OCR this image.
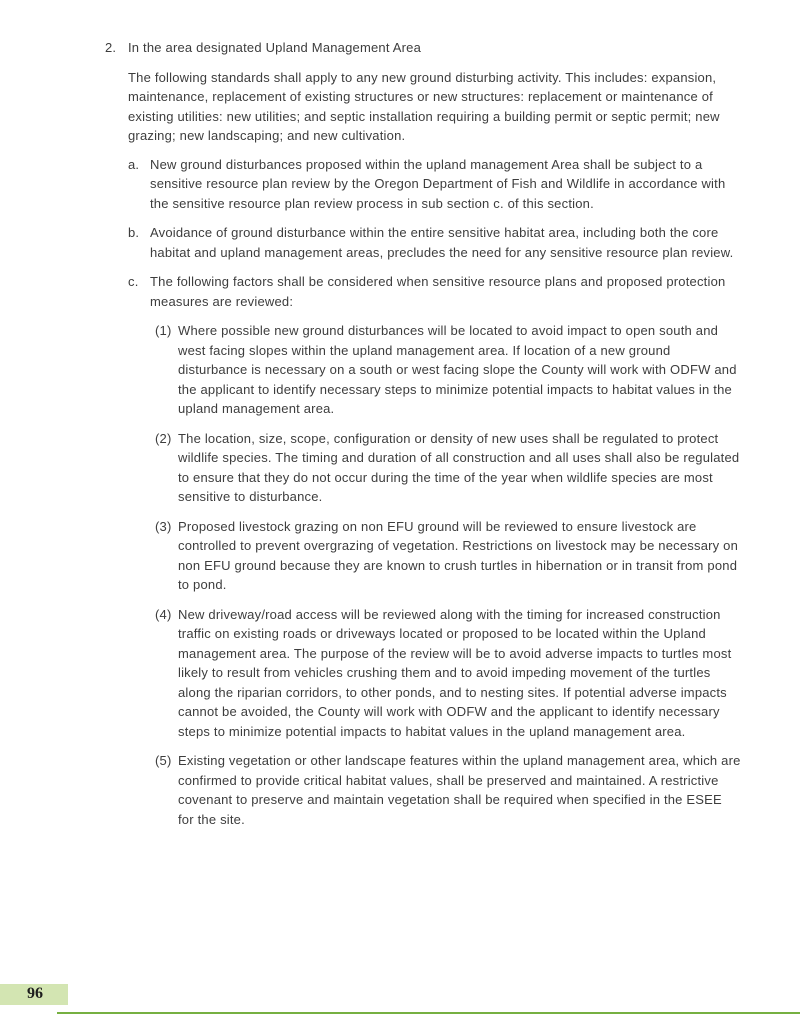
2. In the area designated Upland Management Area

The following standards shall apply to any new ground disturbing activity. This includes: expansion, maintenance, replacement of existing structures or new structures: replacement or maintenance of existing utilities: new utilities; and septic installation requiring a building permit or septic permit; new grazing; new landscaping; and new cultivation.

a. New ground disturbances proposed within the upland management Area shall be subject to a sensitive resource plan review by the Oregon Department of Fish and Wildlife in accordance with the sensitive resource plan review process in sub section c. of this section.
b. Avoidance of ground disturbance within the entire sensitive habitat area, including both the core habitat and upland management areas, precludes the need for any sensitive resource plan review.
c. The following factors shall be considered when sensitive resource plans and proposed protection measures are reviewed:
(1) Where possible new ground disturbances will be located to avoid impact to open south and west facing slopes within the upland management area. If location of a new ground disturbance is necessary on a south or west facing slope the County will work with ODFW and the applicant to identify necessary steps to minimize potential impacts to habitat values in the upland management area.
(2) The location, size, scope, configuration or density of new uses shall be regulated to protect wildlife species. The timing and duration of all construction and all uses shall also be regulated to ensure that they do not occur during the time of the year when wildlife species are most sensitive to disturbance.
(3) Proposed livestock grazing on non EFU ground will be reviewed to ensure livestock are controlled to prevent overgrazing of vegetation. Restrictions on livestock may be necessary on non EFU ground because they are known to crush turtles in hibernation or in transit from pond to pond.
(4) New driveway/road access will be reviewed along with the timing for increased construction traffic on existing roads or driveways located or proposed to be located within the Upland management area. The purpose of the review will be to avoid adverse impacts to turtles most likely to result from vehicles crushing them and to avoid impeding movement of the turtles along the riparian corridors, to other ponds, and to nesting sites. If potential adverse impacts cannot be avoided, the County will work with ODFW and the applicant to identify necessary steps to minimize potential impacts to habitat values in the upland management area.
(5) Existing vegetation or other landscape features within the upland management area, which are confirmed to provide critical habitat values, shall be preserved and maintained. A restrictive covenant to preserve and maintain vegetation shall be required when specified in the ESEE for the site.
96
